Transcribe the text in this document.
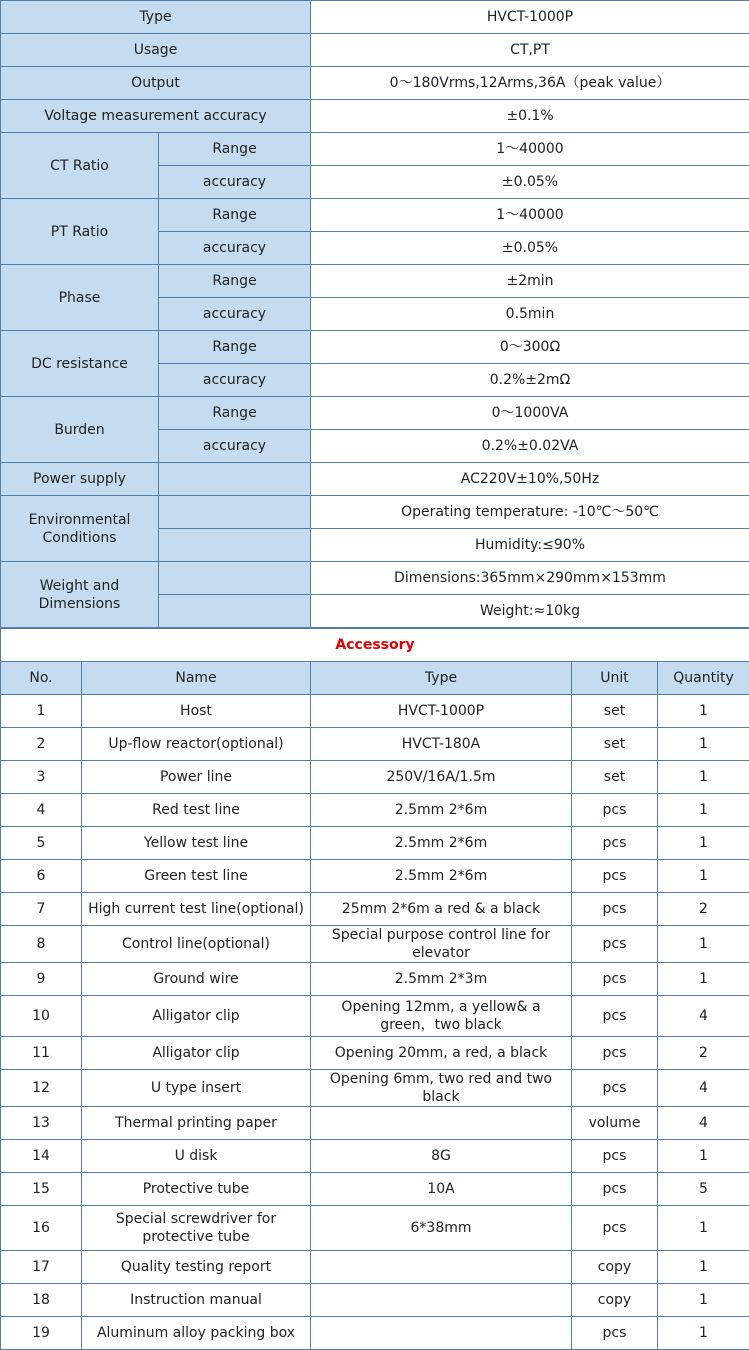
Type		HVCT-1000P
Usage		CT,PT
Output		0～180Vrms,12Arms,36A（peak value）
Voltage measurement accuracy		±0.1%
CT Ratio	Range	1～40000
	accuracy	±0.05%
PT Ratio	Range	1～40000
	accuracy	±0.05%
Phase	Range	±2min
	accuracy	0.5min
DC resistance	Range	0～300Ω
	accuracy	0.2%±2mΩ
Burden	Range	0～1000VA
	accuracy	0.2%±0.02VA
Power supply		AC220V±10%,50Hz
Environmental Conditions		Operating temperature: -10℃～50℃
		Humidity:≤90%
Weight and Dimensions		Dimensions:365mm×290mm×153mm
		Weight:≈10kg
Accessory				
No.	Name	Type	Unit	Quantity
1	Host	HVCT-1000P	set	1
2	Up-flow reactor(optional)	HVCT-180A	set	1
3	Power line	250V/16A/1.5m	set	1
4	Red test line	2.5mm 2*6m	pcs	1
5	Yellow test line	2.5mm 2*6m	pcs	1
6	Green test line	2.5mm 2*6m	pcs	1
7	High current test line(optional)	25mm 2*6m a red & a black	pcs	2
8	Control line(optional)	Special purpose control line for elevator	pcs	1
9	Ground wire	2.5mm 2*3m	pcs	1
10	Alligator clip	Opening 12mm, a yellow& a green，two black	pcs	4
11	Alligator clip	Opening 20mm, a red, a black	pcs	2
12	U type insert	Opening 6mm, two red and two black	pcs	4
13	Thermal printing paper		volume	4
14	U disk	8G	pcs	1
15	Protective tube	10A	pcs	5
16	Special screwdriver for protective tube	6*38mm	pcs	1
17	Quality testing report		copy	1
18	Instruction manual		copy	1
19	Aluminum alloy packing box		pcs	1
